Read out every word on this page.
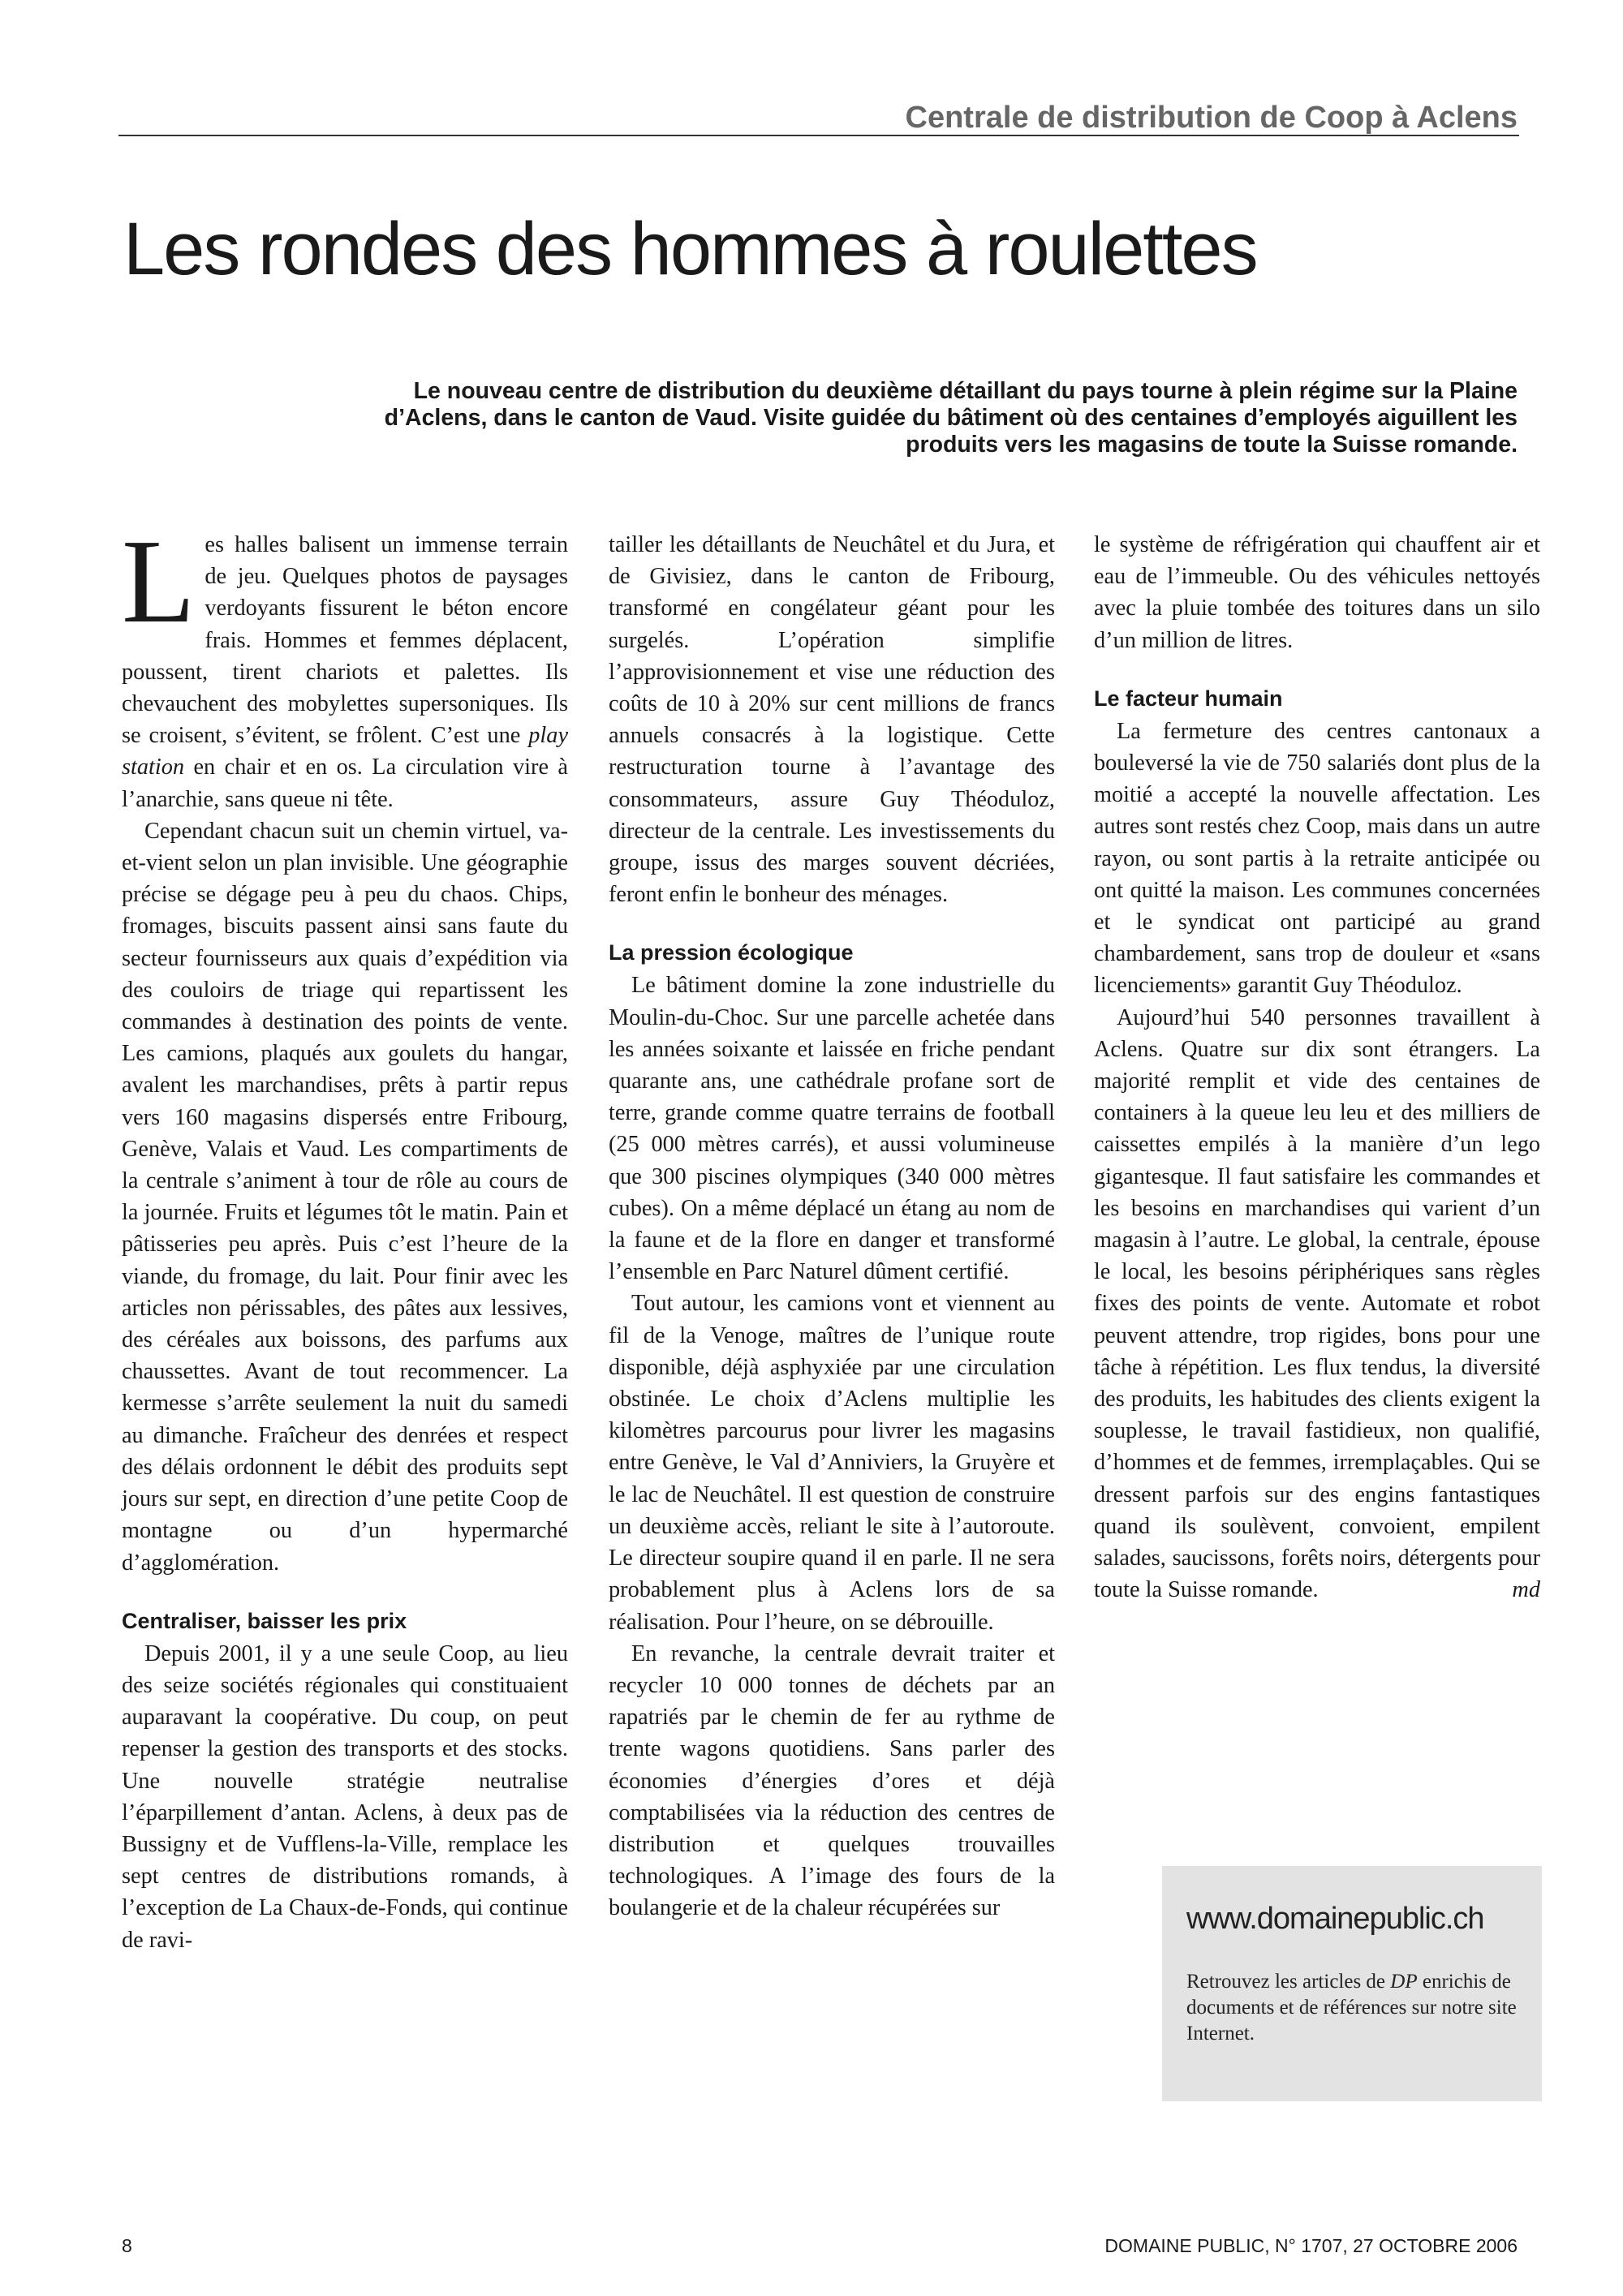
Centrale de distribution de Coop à Aclens
Les rondes des hommes à roulettes

Le nouveau centre de distribution du deuxième détaillant du pays tourne à plein régime sur la Plaine d’Aclens, dans le canton de Vaud. Visite guidée du bâtiment où des centaines d’employés aiguillent les produits vers les magasins de toute la Suisse romande.

Les halles balisent un immense terrain de jeu. Quelques photos de paysages verdoyants fissurent le béton encore frais. Hommes et femmes déplacent, poussent, tirent chariots et palettes. Ils chevauchent des mobylettes supersoniques. Ils se croisent, s’évitent, se frôlent. C’est une play station en chair et en os. La circulation vire à l’anarchie, sans queue ni tête.

Cependant chacun suit un chemin virtuel, va-et-vient selon un plan invisible. Une géographie précise se dégage peu à peu du chaos. Chips, fromages, biscuits passent ainsi sans faute du secteur fournisseurs aux quais d’expédition via des couloirs de triage qui repartissent les commandes à destination des points de vente. Les camions, plaqués aux goulets du hangar, avalent les marchandises, prêts à partir repus vers 160 magasins dispersés entre Fribourg, Genève, Valais et Vaud. Les compartiments de la centrale s’animent à tour de rôle au cours de la journée. Fruits et légumes tôt le matin. Pain et pâtisseries peu après. Puis c’est l’heure de la viande, du fromage, du lait. Pour finir avec les articles non périssables, des pâtes aux lessives, des céréales aux boissons, des parfums aux chaussettes. Avant de tout recommencer. La kermesse s’arrête seulement la nuit du samedi au dimanche. Fraîcheur des denrées et respect des délais ordonnent le débit des produits sept jours sur sept, en direction d’une petite Coop de montagne ou d’un hypermarché d’agglomération.

Centraliser, baisser les prix

Depuis 2001, il y a une seule Coop, au lieu des seize sociétés régionales qui constituaient auparavant la coopérative. Du coup, on peut repenser la gestion des transports et des stocks. Une nouvelle stratégie neutralise l’éparpillement d’antan. Aclens, à deux pas de Bussigny et de Vufflens-la-Ville, remplace les sept centres de distributions romands, à l’exception de La Chaux-de-Fonds, qui continue de ravi-

tailler les détaillants de Neuchâtel et du Jura, et de Givisiez, dans le canton de Fribourg, transformé en congélateur géant pour les surgelés. L’opération simplifie l’approvisionnement et vise une réduction des coûts de 10 à 20% sur cent millions de francs annuels consacrés à la logistique. Cette restructuration tourne à l’avantage des consommateurs, assure Guy Théoduloz, directeur de la centrale. Les investissements du groupe, issus des marges souvent décriées, feront enfin le bonheur des ménages.

La pression écologique

Le bâtiment domine la zone industrielle du Moulin-du-Choc. Sur une parcelle achetée dans les années soixante et laissée en friche pendant quarante ans, une cathédrale profane sort de terre, grande comme quatre terrains de football (25 000 mètres carrés), et aussi volumineuse que 300 piscines olympiques (340 000 mètres cubes). On a même déplacé un étang au nom de la faune et de la flore en danger et transformé l’ensemble en Parc Naturel dûment certifié.

Tout autour, les camions vont et viennent au fil de la Venoge, maîtres de l’unique route disponible, déjà asphyxiée par une circulation obstinée. Le choix d’Aclens multiplie les kilomètres parcourus pour livrer les magasins entre Genève, le Val d’Anniviers, la Gruyère et le lac de Neuchâtel. Il est question de construire un deuxième accès, reliant le site à l’autoroute. Le directeur soupire quand il en parle. Il ne sera probablement plus à Aclens lors de sa réalisation. Pour l’heure, on se débrouille.

En revanche, la centrale devrait traiter et recycler 10 000 tonnes de déchets par an rapatriés par le chemin de fer au rythme de trente wagons quotidiens. Sans parler des économies d’énergies d’ores et déjà comptabilisées via la réduction des centres de distribution et quelques trouvailles technologiques. A l’image des fours de la boulangerie et de la chaleur récupérées sur

le système de réfrigération qui chauffent air et eau de l’immeuble. Ou des véhicules nettoyés avec la pluie tombée des toitures dans un silo d’un million de litres.

Le facteur humain

La fermeture des centres cantonaux a bouleversé la vie de 750 salariés dont plus de la moitié a accepté la nouvelle affectation. Les autres sont restés chez Coop, mais dans un autre rayon, ou sont partis à la retraite anticipée ou ont quitté la maison. Les communes concernées et le syndicat ont participé au grand chambardement, sans trop de douleur et «sans licenciements» garantit Guy Théoduloz.

Aujourd’hui 540 personnes travaillent à Aclens. Quatre sur dix sont étrangers. La majorité remplit et vide des centaines de containers à la queue leu leu et des milliers de caissettes empilés à la manière d’un lego gigantesque. Il faut satisfaire les commandes et les besoins en marchandises qui varient d’un magasin à l’autre. Le global, la centrale, épouse le local, les besoins périphériques sans règles fixes des points de vente. Automate et robot peuvent attendre, trop rigides, bons pour une tâche à répétition. Les flux tendus, la diversité des produits, les habitudes des clients exigent la souplesse, le travail fastidieux, non qualifié, d’hommes et de femmes, irremplaçables. Qui se dressent parfois sur des engins fantastiques quand ils soulèvent, convoient, empilent salades, saucissons, forêts noirs, détergents pour toute la Suisse romande.	md

www.domainepublic.ch

Retrouvez les articles de DP enrichis de documents et de références sur notre site Internet.

8	DOMAINE PUBLIC, N° 1707, 27 OCTOBRE 2006
